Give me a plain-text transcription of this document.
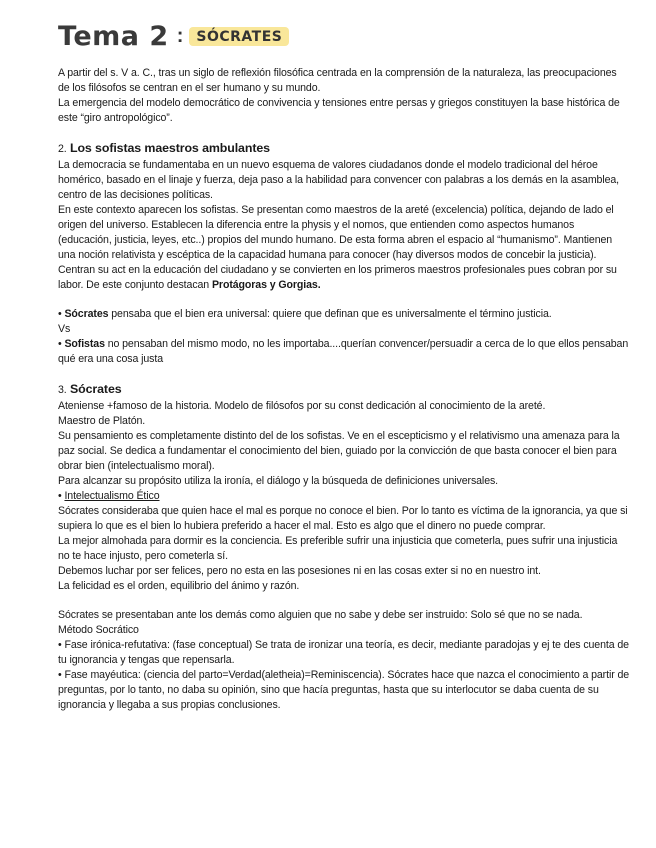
Tema 2 : SÓCRATES

A partir del s. V a. C., tras un siglo de reflexión filosófica centrada en la comprensión de la naturaleza, las preocupaciones de los filósofos se centran en el ser humano y su mundo.

La emergencia del modelo democrático de convivencia y tensiones entre persas y griegos constituyen la base histórica de este “giro antropológico”.

2. Los sofistas maestros ambulantes

La democracia se fundamentaba en un nuevo esquema de valores ciudadanos donde el modelo tradicional del héroe homérico, basado en el linaje y fuerza, deja paso a la habilidad para convencer con palabras a los demás en la asamblea, centro de las decisiones políticas.

En este contexto aparecen los sofistas. Se presentan como maestros de la areté (excelencia) política, dejando de lado el origen del universo. Establecen la diferencia entre la physis y el nomos, que entienden como aspectos humanos (educación, justicia, leyes, etc..) propios del mundo humano. De esta forma abren el espacio al “humanismo”. Mantienen una noción relativista y escéptica de la capacidad humana para conocer (hay diversos modos de concebir la justicia). Centran su act en la educación del ciudadano y se convierten en los primeros maestros profesionales pues cobran por su labor. De este conjunto destacan Protágoras y Gorgias.

• Sócrates pensaba que el bien era universal: quiere que definan que es universalmente el término justicia.

Vs

• Sofistas no pensaban del mismo modo, no les importaba....querían convencer/persuadir a cerca de lo que ellos pensaban qué era una cosa justa

3. Sócrates

Ateniense +famoso de la historia. Modelo de filósofos por su const dedicación al conocimiento de la areté.

Maestro de Platón.

Su pensamiento es completamente distinto del de los sofistas. Ve en el escepticismo y el relativismo una amenaza para la paz social. Se dedica a fundamentar el conocimiento del bien, guiado por la convicción de que basta conocer el bien para obrar bien (intelectualismo moral).

Para alcanzar su propósito utiliza la ironía, el diálogo y la búsqueda de definiciones universales.

• Intelectualismo Ético

Sócrates consideraba que quien hace el mal es porque no conoce el bien. Por lo tanto es víctima de la ignorancia, ya que si supiera lo que es el bien lo hubiera preferido a hacer el mal. Esto es algo que el dinero no puede comprar.

La mejor almohada para dormir es la conciencia. Es preferible sufrir una injusticia que cometerla, pues sufrir una injusticia no te hace injusto, pero cometerla sí.

Debemos luchar por ser felices, pero no esta en las posesiones ni en las cosas exter si no en nuestro int.

La felicidad es el orden, equilibrio del ánimo y razón.

Sócrates se presentaban ante los demás como alguien que no sabe y debe ser instruido: Solo sé que no se nada.

Método Socrático

• Fase irónica-refutativa: (fase conceptual) Se trata de ironizar una teoría, es decir, mediante paradojas y ej te des cuenta de tu ignorancia y tengas que repensarla.

• Fase mayéutica: (ciencia del parto=Verdad(aletheia)=Reminiscencia). Sócrates hace que nazca el conocimiento a partir de preguntas, por lo tanto, no daba su opinión, sino que hacía preguntas, hasta que su interlocutor se daba cuenta de su ignorancia y llegaba a sus propias conclusiones.
